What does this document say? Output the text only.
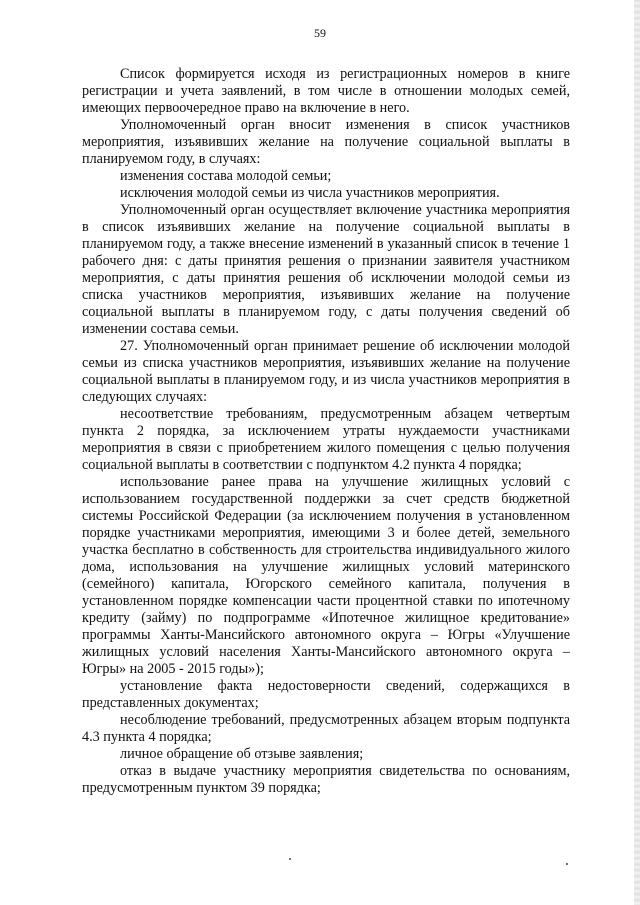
59

Список формируется исходя из регистрационных номеров в книге регистрации и учета заявлений, в том числе в отношении молодых семей, имеющих первоочередное право на включение в него.

Уполномоченный орган вносит изменения в список участников мероприятия, изъявивших желание на получение социальной выплаты в планируемом году, в случаях:

изменения состава молодой семьи;

исключения молодой семьи из числа участников мероприятия.

Уполномоченный орган осуществляет включение участника мероприятия в список изъявивших желание на получение социальной выплаты в планируемом году, а также внесение изменений в указанный список в течение 1 рабочего дня: с даты принятия решения о признании заявителя участником мероприятия, с даты принятия решения об исключении молодой семьи из списка участников мероприятия, изъявивших желание на получение социальной выплаты в планируемом году, с даты получения сведений об изменении состава семьи.

27. Уполномоченный орган принимает решение об исключении молодой семьи из списка участников мероприятия, изъявивших желание на получение социальной выплаты в планируемом году, и из числа участников мероприятия в следующих случаях:

несоответствие требованиям, предусмотренным абзацем четвертым пункта 2 порядка, за исключением утраты нуждаемости участниками мероприятия в связи с приобретением жилого помещения с целью получения социальной выплаты в соответствии с подпунктом 4.2 пункта 4 порядка;

использование ранее права на улучшение жилищных условий с использованием государственной поддержки за счет средств бюджетной системы Российской Федерации (за исключением получения в установленном порядке участниками мероприятия, имеющими 3 и более детей, земельного участка бесплатно в собственность для строительства индивидуального жилого дома, использования на улучшение жилищных условий материнского (семейного) капитала, Югорского семейного капитала, получения в установленном порядке компенсации части процентной ставки по ипотечному кредиту (займу) по подпрограмме «Ипотечное жилищное кредитование» программы Ханты-Мансийского автономного округа – Югры «Улучшение жилищных условий населения Ханты-Мансийского автономного округа – Югры» на 2005 - 2015 годы»);

установление факта недостоверности сведений, содержащихся в представленных документах;

несоблюдение требований, предусмотренных абзацем вторым подпункта 4.3 пункта 4 порядка;

личное обращение об отзыве заявления;

отказ в выдаче участнику мероприятия свидетельства по основаниям, предусмотренным пунктом 39 порядка;
